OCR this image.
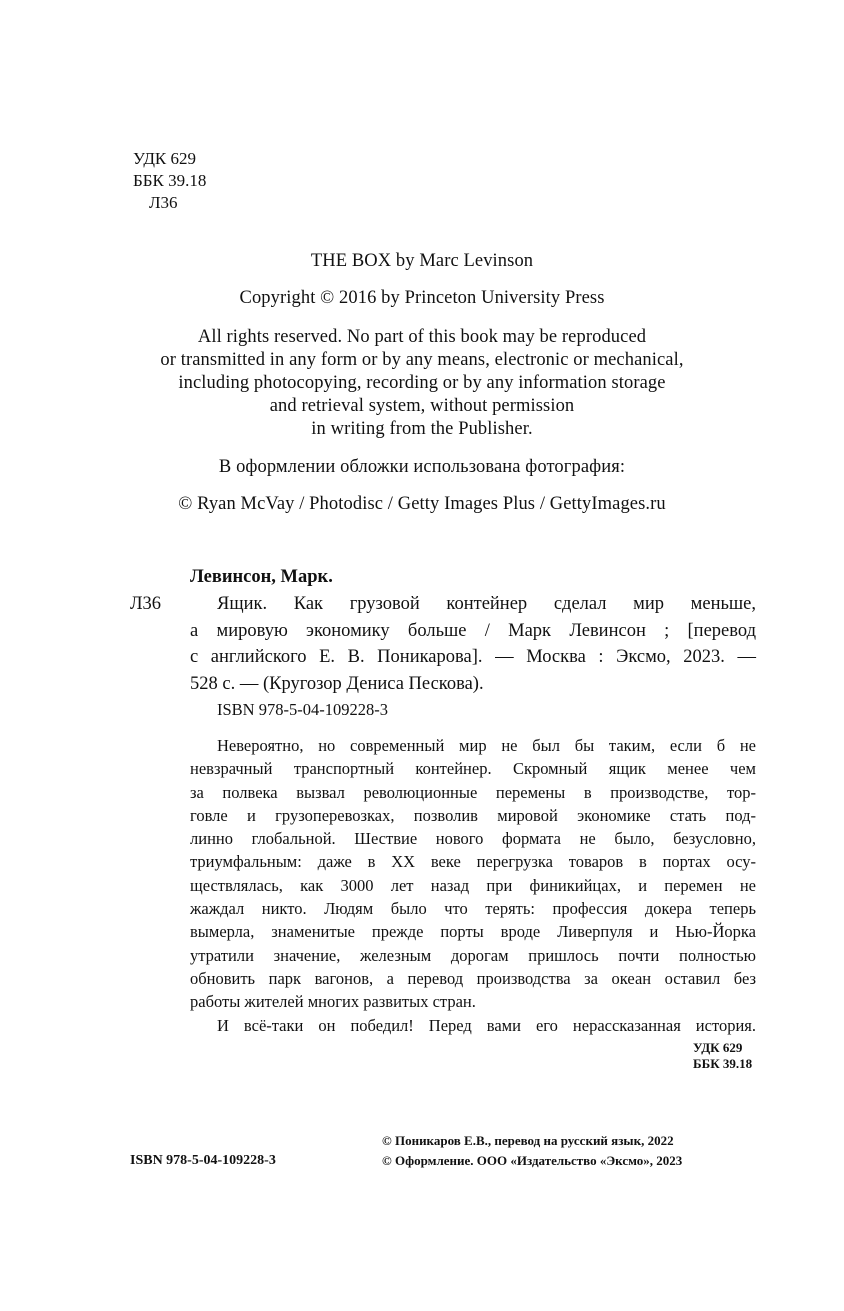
УДК 629
ББК 39.18
Л36
THE BOX by Marc Levinson
Copyright © 2016 by Princeton University Press
All rights reserved. No part of this book may be reproduced
or transmitted in any form or by any means, electronic or mechanical,
including photocopying, recording or by any information storage
and retrieval system, without permission
in writing from the Publisher.
В оформлении обложки использована фотография:
© Ryan McVay / Photodisc / Getty Images Plus / GettyImages.ru
Левинсон, Марк.
Л36	Ящик. Как грузовой контейнер сделал мир меньше,
а мировую экономику больше / Марк Левинсон ; [перевод
с английского Е. В. Поникарова]. — Москва : Эксмо, 2023. —
528 с. — (Кругозор Дениса Пескова).
ISBN 978-5-04-109228-3
Невероятно, но современный мир не был бы таким, если б не
невзрачный транспортный контейнер. Скромный ящик менее чем
за полвека вызвал революционные перемены в производстве, тор-
говле и грузоперевозках, позволив мировой экономике стать под-
линно глобальной. Шествие нового формата не было, безусловно,
триумфальным: даже в XX веке перегрузка товаров в портах осу-
ществлялась, как 3000 лет назад при финикийцах, и перемен не
жаждал никто. Людям было что терять: профессия докера теперь
вымерла, знаменитые прежде порты вроде Ливерпуля и Нью-Йорка
утратили значение, железным дорогам пришлось почти полностью
обновить парк вагонов, а перевод производства за океан оставил без
работы жителей многих развитых стран.
И всё-таки он победил! Перед вами его нерассказанная история.
УДК 629
ББК 39.18
ISBN 978-5-04-109228-3
© Поникаров Е.В., перевод на русский язык, 2022
© Оформление. ООО «Издательство «Эксмо», 2023
